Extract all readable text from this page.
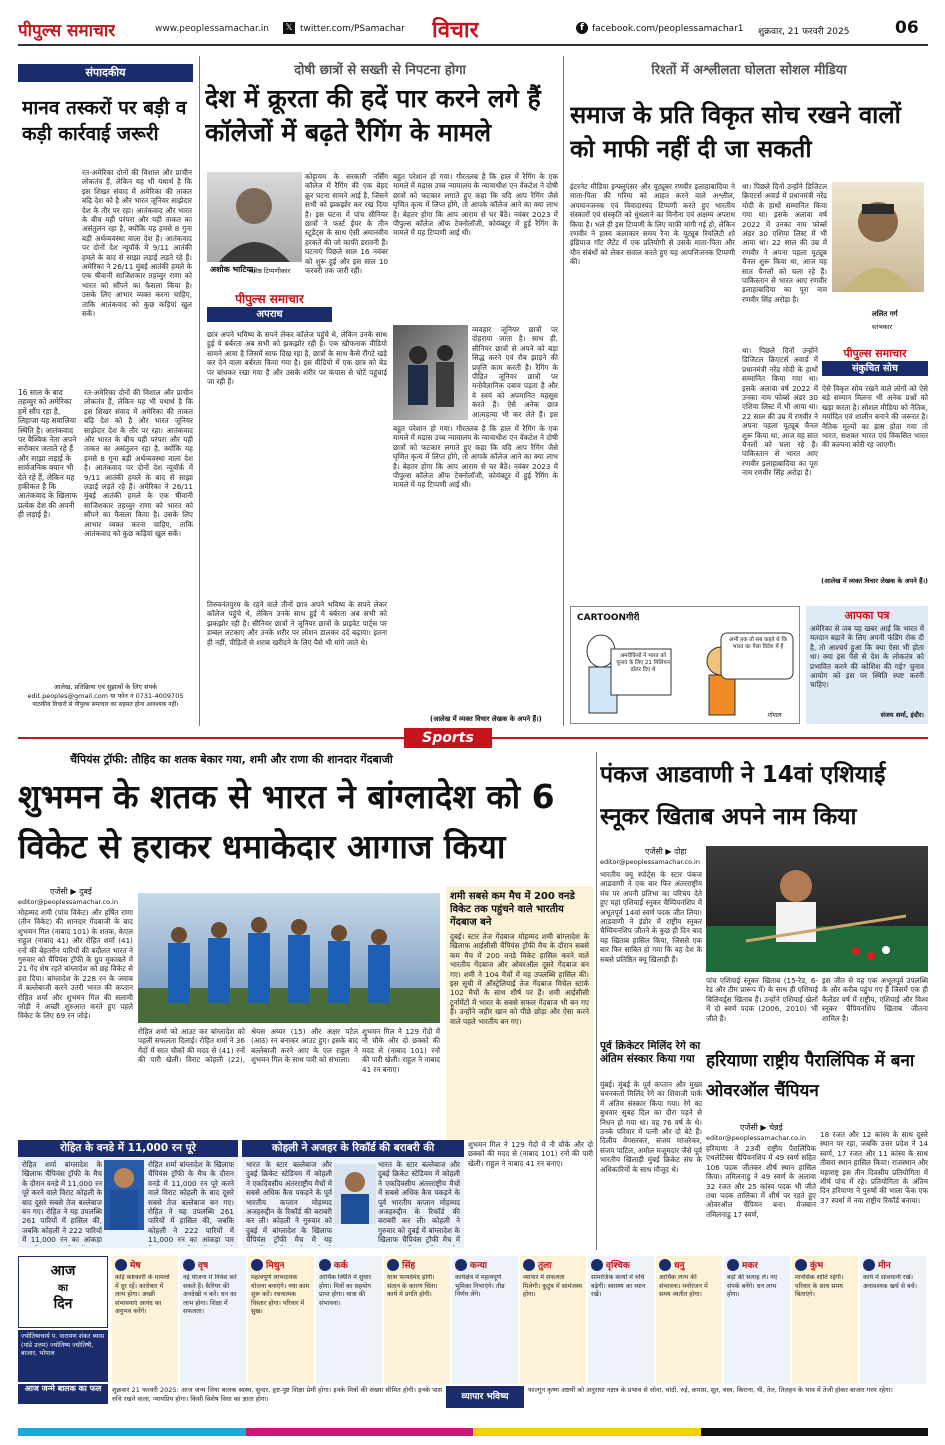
पीपुल्स समाचार	www.peoplessamachar.in 𝕏 twitter.com/PSamachar विचार	f facebook.com/peoplessamachar1 शुक्रवार, 21 फरवरी 2025	06
संपादकीय
मानव तस्करों पर बड़ी व कड़ी कार्रवाई जरूरी
रत-अमेरिका दोनों की विशाल और प्राचीन लोकतंत्र हैं, लेकिन यह भी यथार्थ है कि इस शिखर संवाद में अमेरिका की ताकत बढ़ि देश को है और भारत जूनियर साझेदार देश के तौर पर रहा। आतंकवाद और भारत के बीच यही परंपरा और यही ताकत का असंतुलन रहा है, क्योंकि यह हमसे 8 गुना बड़ी अर्थव्यवस्था वाला देश है। आतंकवाद पर दोनों देश न्यूयॉर्क में 9/11 आतंकी हमले के बाद से साझा लड़ाई लड़ते रहे हैं। अमेरिका ने 26/11 मुंबई आतंकी हमले के एक षीवानी साजिशकार तहव्वुर राणा को भारत को सौंपने का फैसला किया है। उसके लिए आभार व्यक्त करना चाहिए, ताकि आतंकवाद को कुछ कड़ियां खुल सकें।
16 साल के बाद तहव्वुर को अमेरिका हमें सौंप रहा है, लिहाजा यह सवालिया स्थिति है। आतंकवाद पर वैश्विक नेता अपने सरोकार जताते रहे हैं और साझा लड़ाई के सार्वजनिक बयान भी देते रहे हैं, लेकिन यह हकीकत है कि आतंकवाद के खिलाफ प्रत्येक देश की अपनी ही लड़ाई है।
रत-अमेरिका दोनों की विशाल और प्राचीन लोकतंत्र हैं, लेकिन यह भी यथार्थ है कि इस शिखर संवाद में अमेरिका की ताकत बढ़ि देश को है और भारत जूनियर साझेदार देश के तौर पर रहा। आतंकवाद और भारत के बीच यही परंपरा और यही ताकत का असंतुलन रहा है, क्योंकि यह हमसे 8 गुना बड़ी अर्थव्यवस्था वाला देश है। आतंकवाद पर दोनों देश न्यूयॉर्क में 9/11 आतंकी हमले के बाद से साझा लड़ाई लड़ते रहे हैं। अमेरिका ने 26/11 मुंबई आतंकी हमले के एक षीवानी साजिशकार तहव्वुर राणा को भारत को सौंपने का फैसला किया है। उसके लिए आभार व्यक्त करना चाहिए, ताकि आतंकवाद को कुछ कड़ियां खुल सकें।
आलेख, प्रतिक्रिया एवं सुझावों के लिए संपर्क
edit.peoples@gmail.com या फोन नं 0731-4009705
पाठकीय विचारों से पीपुल्स समाचार का सहमत होना आवश्यक नहीं।
दोषी छात्रों से सख्ती से निपटना होगा
देश में क्रूरता की हदें पार करने लगे हैं कॉलेजों में बढ़ते रैगिंग के मामले
अशोक भाटिया,
वरिष्ठ टिप्पणीकार
कोट्टायम के सरकारी नर्सिंग कॉलेज में रैगिंग की एक बेहद क्रूर घटना सामने आई है, जिसने सभी को झकझोर कर रख दिया है। इस घटना में पांच सीनियर छात्रों ने फर्स्ट ईयर के तीन स्टूडेंट्स के साथ ऐसी अमानवीय हरकतें की जो काफी डरावनी हैं। घटनाएं पिछले साल 16 नवंबर को शुरू हुई और इस साल 10 फरवरी तक जारी रही।
पीपुल्स समाचार
अपराध
छात्र अपने भविष्य के सपने लेकर कॉलेज पहुंचे थे, लेकिन उनके साथ हुई ये बर्बरता अब सभी को झकझोर रही है। एक खौफनाक वीडियो सामने आया है जिसमें साफ दिख रहा है, छात्रों के साथ कैसे रौंगटे खड़े कर देने वाला बर्बरता किया गया है। इस वीडियो में एक छात्र को बेड पर बांधकर रखा गया है और उसके शरीर पर कंपास से चोटें पहुंचाई जा रही हैं।
तिरुवनंतपुरम के रहने वाले तीनों छात्र अपने भविष्य के सपने लेकर कॉलेज पहुंचे थे, लेकिन उनके साथ हुई ये बर्बरता अब सभी को झकझोर रही है। सीनियर छात्रों ने जूनियर छात्रों के प्राइवेट पार्ट्स पर डम्बल लटकाए और उनके शरीर पर लोशन डालकर दर्द बढ़ाया। इतना ही नहीं, पीड़ितों से शराब खरीदने के लिए पैसे भी मांगे जाते थे।
बहुत परेशान हो गया। गौरतलब है कि हाल में रैगिंग के एक मामले में मद्रास उच्च न्यायालय के न्यायाधीश एन वेंकटेश ने दोषी छात्रों को फटकार लगाते हुए कहा कि यदि आप रैगिंग जैसे घृणित कृत्य में लिप्त होंगे, तो आपके कॉलेज आने का क्या लाभ है। बेहतर होगा कि आप आराम से घर बैठें। नवंबर 2023 में पीपुल्स कॉलेज ऑफ टेक्नोलॉजी, कोयंबटूर में हुई रैगिंग के मामले में यह टिप्पणी आई थी।
व्यवहार जूनियर छात्रों पर दोहराया जाता है। साथ ही, सीनियर छात्रों से अपने को बड़ा सिद्ध करने एवं रौब झाड़ने की प्रवृत्ति काम करती है। रैगिंग के पीड़ित जूनियर छात्रों पर मनोवैज्ञानिक दबाव पड़ता है और वे स्वयं को अपमानित महसूस करते हैं। ऐसे अनेक छात्र आत्महत्या भी कर लेते हैं। इस
बहुत परेशान हो गया। गौरतलब है कि हाल में रैगिंग के एक मामले में मद्रास उच्च न्यायालय के न्यायाधीश एन वेंकटेश ने दोषी छात्रों को फटकार लगाते हुए कहा कि यदि आप रैगिंग जैसे घृणित कृत्य में लिप्त होंगे, तो आपके कॉलेज आने का क्या लाभ है। बेहतर होगा कि आप आराम से घर बैठें। नवंबर 2023 में पीपुल्स कॉलेज ऑफ टेक्नोलॉजी, कोयंबटूर में हुई रैगिंग के मामले में यह टिप्पणी आई थी।
(आलेख में व्यक्त विचार लेखक के अपने हैं।)
रिश्तों में अश्लीलता घोलता सोशल मीडिया
समाज के प्रति विकृत सोच रखने वालों को माफी नहीं दी जा सकती
इंटरनेट मीडिया इन्फ्लुएंसर और यूट्यूबर रणवीर इलाहाबादिया ने माता-पिता की गरिमा को आहत करने वाले अश्लील, अपमानजनक एवं विवादास्पद टिप्पणी करते हुए भारतीय संस्कारों एवं संस्कृति को धुंधलाने का विनौना एवं अक्षम्य अपराध किया है। भले ही इस टिप्पणी के लिए माफी मांगी गई हो, लेकिन रणवीर ने हास्य कलाकार समय रैना के यूट्यूब रियलिटी शो इंडियाज गॉट लैटेंट में एक प्रतियोगी से उसके माता-पिता और यौन संबंधों को लेकर सवाल करते हुए यह आपत्तिजनक टिप्पणी की।
था। पिछले दिनों उन्होंने डिजिटल क्रिएटर्स अवार्ड में प्रधानमंत्री नरेंद्र मोदी के हाथों सम्मानित किया गया था। इसके अलावा वर्ष 2022 में उनका नाम फोर्ब्स अंडर 30 एशिया लिस्ट में भी आया था। 22 साल की उम्र में रणवीर ने अपना पहला यूट्यूब चैनल शुरू किया था, आज यह सात चैनलों को चला रहे हैं। पाकिस्तान से भारत आए रणवीर इलाहाबादिया का पूरा नाम रणवीर सिंह अरोड़ा है।
ललित गर्ग
स्तंभकार
पीपुल्स समाचार
संकुचित सोच
था। पिछले दिनों उन्होंने डिजिटल क्रिएटर्स अवार्ड में प्रधानमंत्री नरेंद्र मोदी के हाथों सम्मानित किया गया था। इसके अलावा वर्ष 2022 में उनका नाम फोर्ब्स अंडर 30 एशिया लिस्ट में भी आया था। 22 साल की उम्र में रणवीर ने अपना पहला यूट्यूब चैनल शुरू किया था, आज यह सात चैनलों को चला रहे हैं। पाकिस्तान से भारत आए रणवीर इलाहाबादिया का पूरा नाम रणवीर सिंह अरोड़ा है।
ऐसे विकृत सोच रखने वाले लोगों को ऐसे बड़े सम्मान मिलना भी अनेक प्रश्नों को खड़ा करता है। सोशल मीडिया को नैतिक, मर्यादित एवं शालीन बनाने की जरूरत है। नैतिक मूल्यों का ह्रास होता गया तो भारत, सशक्त भारत एवं विकसित भारत की कल्पना कोरी रह जाएगी।
(आलेख में व्यक्त विचार लेखक के अपने हैं।)
CARTOONगीरी
अमरीकियों ने भारत को चुनाव के लिए 21 मिलियन डॉलर दिए थे
अभी तक तो सब कहते थे कि भारत का पैसा विदेश में है
गोपाल
आपका पत्र
अमेरिका से जब यह खबर आई कि भारत में मतदान बढ़ाने के लिए अपनी फंडिंग रोक दी है, तो आश्चर्य हुआ कि क्या ऐसा भी होता था। क्या इस पैसे से देश के लोकतंत्र को प्रभावित करने की कोशिश की गई? चुनाव आयोग को इस पर स्थिति स्पष्ट करनी चाहिए।
संजय शर्मा, इंदौर।
Sports
चैंपियंस ट्रॉफी: तौहिद का शतक बेकार गया, शमी और राणा की शानदार गेंदबाजी
शुभमन के शतक से भारत ने बांग्लादेश को 6 विकेट से हराकर धमाकेदार आगाज किया
एजेंसी ▶ दुबई
editor@peoplessamachar.co.in
मोहम्मद शमी (पांच विकेट) और हर्षित राणा (तीन विकेट) की शानदार गेंदबाजी के बाद शुभमन गिल (नाबाद 101) के शतक, केएल राहुल (नाबाद 41) और रोहित शर्मा (41) रनों की बेहतरीन पारियों की बदौलत भारत ने गुरुवार को चैंपियंस ट्रॉफी के ग्रुप मुकाबले में 21 गेंद शेष रहते बांग्लादेश को छह विकेट से हरा दिया। बांग्लादेश के 228 रन के जवाब में बल्लेबाजी करने उतरी भारत की कप्तान रोहित शर्मा और शुभमन गिल की सलामी जोड़ी ने अच्छी शुरुआत करते हुए पहले विकेट के लिए 69 रन जोड़े।
रोहित शर्मा को आउट कर बांग्लादेश को पहली सफलता दिलाई। रोहित शर्मा ने 36 गेंदों में सात चौकों की मदद से (41) रनों की पारी खेली। विराट कोहली (22), श्रेयस अय्यर (15) और अक्षर पटेल (आठ) रन बनाकर आउट हुए। इसके बाद बल्लेबाजी करने आए के एल राहुल ने शुभमन गिल के साथ पारी को संभाला।
शुभमन गिल ने 129 गेंदों में नौ चौके और दो छक्कों की मदद से (नाबाद 101) रनों की पारी खेली। राहुल ने नाबाद 41 रन बनाए।
शमी सबसे कम मैच में 200 वनडे विकेट तक पहुंचने वाले भारतीय गेंदबाज बने
दुबई। स्टार तेज गेंदबाज मोहम्मद शमी बांग्लादेश के खिलाफ आईसीसी चैंपियंस ट्रॉफी मैच के दौरान सबसे कम मैच में 200 वनडे विकेट हासिल करने वाले भारतीय गेंदबाज और ओवरऑल दूसरे गेंदबाज बन गए। शमी ने 104 मैचों में यह उपलब्धि हासिल की। इस सूची में ऑस्ट्रेलियाई तेज गेंदबाज मिचेल स्टार्क 102 मैचों के साथ शीर्ष पर हैं। शमी आईसीसी टूर्नामेंटों में भारत के सबसे सफल गेंदबाज भी बन गए हैं। उन्होंने जहीर खान को पीछे छोड़ा और ऐसा करने वाले पहले भारतीय बन गए।
रोहित के वनडे में 11,000 रन पूरे
रोहित शर्मा बांग्लादेश के खिलाफ चैंपियंस ट्रॉफी के मैच के दौरान वनडे में 11,000 रन पूरे करने वाले विराट कोहली के बाद दूसरे सबसे तेज बल्लेबाज बन गए। रोहित ने यह उपलब्धि 261 पारियों में हासिल की, जबकि कोहली ने 222 पारियों में 11,000 रन का आंकड़ा
रोहित शर्मा बांग्लादेश के खिलाफ चैंपियंस ट्रॉफी के मैच के दौरान वनडे में 11,000 रन पूरे करने वाले विराट कोहली के बाद दूसरे सबसे तेज बल्लेबाज बन गए। रोहित ने यह उपलब्धि 261 पारियों में हासिल की, जबकि कोहली ने 222 पारियों में 11,000 रन का आंकड़ा पार
कोहली ने अजहर के रिकॉर्ड की बराबरी की
भारत के स्टार बल्लेबाज और दुबई क्रिकेट स्टेडियम में कोहली ने एकदिवसीय अंतरराष्ट्रीय मैचों में सबसे अधिक कैच पकड़ने के पूर्व भारतीय कप्तान मोहम्मद अजहरुद्दीन के रिकॉर्ड की बराबरी कर ली। कोहली ने गुरुवार को दुबई में बांग्लादेश के खिलाफ चैंपियंस ट्रॉफी मैच में यह
भारत के स्टार बल्लेबाज और दुबई क्रिकेट स्टेडियम में कोहली ने एकदिवसीय अंतरराष्ट्रीय मैचों में सबसे अधिक कैच पकड़ने के पूर्व भारतीय कप्तान मोहम्मद अजहरुद्दीन के रिकॉर्ड की बराबरी कर ली। कोहली ने गुरुवार को दुबई में बांग्लादेश के खिलाफ चैंपियंस ट्रॉफी मैच में
शुभमन गिल ने 129 गेंदों में नौ चौके और दो छक्कों की मदद से (नाबाद 101) रनों की पारी खेली। राहुल ने नाबाद 41 रन बनाए।
पंकज आडवाणी ने 14वां एशियाई स्नूकर खिताब अपने नाम किया
एजेंसी ▶ दोहा
editor@peoplessamachar.co.in
भारतीय क्यू स्पोर्ट्स के स्टार पंकज आडवाणी ने एक बार फिर अंतरराष्ट्रीय मंच पर अपनी प्रतिभा का परिचय देते हुए यहां एशियाई स्नूकर चैम्पियनशिप में अभूतपूर्व 14वां स्वर्ण पदक जीत लिया। आडवाणी ने इंडोर में राष्ट्रीय स्नूकर चैम्पियनशिप जीतने के कुछ ही दिन बाद यह खिताब हासिल किया, जिससे एक बार फिर साबित हो गया कि वह देश के सबसे प्रतिष्ठित क्यू खिलाड़ी हैं।
पांच एशियाई स्नूकर खिताब (15-रेड, 6-रेड और टीम प्रारूप में) के साथ ही एशियाई बिलियर्ड्स खिताब हैं। उन्होंने एशियाई खेलों में दो स्वर्ण पदक (2006, 2010) भी जीते हैं।
इस जीत से यह एक अभूतपूर्व उपलब्धि के और करीब पहुंच गए हैं जिसमें एक ही कैलेंडर वर्ष में राष्ट्रीय, एशियाई और विश्व स्नूकर चैंपियनशिप खिताब जीतना शामिल है।
पूर्व क्रिकेटर मिलिंद रेगे का अंतिम संस्कार किया गया
मुंबई। मुंबई के पूर्व कप्तान और मुख्य चयनकर्ता मिलिंद रेगे का शिवाजी पार्क में अंतिम संस्कार किया गया। रेगे का बुधवार सुबह दिल का दौरा पड़ने से निधन हो गया था। वह 76 वर्ष के थे। उनके परिवार में पत्नी और दो बेटे हैं। दिलीप वेंगसरकर, संजय मांजरेकर, संजय पाटिल, अमोल मजूमदार जैसे पूर्व भारतीय खिलाड़ी मुंबई क्रिकेट संघ के अधिकारियों के साथ मौजूद थे।
हरियाणा राष्ट्रीय पैरालिंपिक में बना ओवरऑल चैंपियन
एजेंसी ▶ चेन्नई
editor@peoplessamachar.co.in
हरियाणा ने 23वीं राष्ट्रीय पैरालिंपिक एथलेटिक्स चैंपियनशिप में 49 स्वर्ण सहित 106 पदक जीतकर शीर्ष स्थान हासिल किया। तमिलनाडु ने 49 स्वर्ण के अलावा 32 रजत और 25 कांस्य पदक भी जीते तथा पदक तालिका में शीर्ष पर रहते हुए ओवरऑल चैंपियन बना। मेजबान तमिलनाडु 17 स्वर्ण,
18 रजत और 12 कांस्य के साथ दूसरे स्थान पर रहा, जबकि उत्तर प्रदेश ने 14 स्वर्ण, 17 रजत और 11 कांस्य के साथ तीसरा स्थान हासिल किया। राजस्थान और महाराष्ट्र इस तीन दिवसीय प्रतियोगिता में शीर्ष पांच में रहे। प्रतियोगिता के अंतिम दिन हरियाणा ने पुरुषों की भाला फेंक एफ 37 स्पर्धा में नया राष्ट्रीय रिकॉर्ड बनाया।
आज
का
दिन
ज्योतिषाचार्य प. नारायण शंकर ब्यास (पांडे उत्तम) ज्योतिष्य ज्योतिषी, बाजार, भोपाल
आज जन्मे बालक का फल
मेष
कोई कष्टकारी के मामलों में दूर रहें। कारोबार में लाभ होगा। अच्छी संभावनाएं आनंद का अनुभव करेंगे।
वृष
नई योजना में निवेश करें सकते हैं। कैरियर की अनदेखी न करें। धन का लाभ होगा। शिक्षा में सफलता।
मिथुन
महत्वपूर्ण लाभदायक योजना बनाएंगे। नया काम शुरू करें। रचनात्मक विस्तार होगा। परिवार में सुख।
कर्क
आर्थिक स्थिति में सुधार होगा। मित्रों का सहयोग प्राप्त होगा। यात्रा की संभावना।
सिंह
यात्रा फायदेमंद होगी। संतान के कारण चिंता। कार्य में प्रगति होगी।
कन्या
कार्यक्षेत्र में महत्वपूर्ण भूमिका निभाएंगे। तीव्र निर्णय लेंगे।
तुला
व्यापार में सफलता मिलेगी। कुटुंब में सामंजस्य होगा।
वृश्चिक
सामाजिक कार्यों में रुचि बढ़ेगी। स्वास्थ्य का ध्यान रखें।
धनु
आर्थिक लाभ की संभावना। मनोरंजन में समय व्यतीत होगा।
मकर
बड़ों की सलाह लें। नए संपर्क बनेंगे। धन लाभ होगा।
कुंभ
मानसिक शांति रहेगी। परिवार के साथ समय बिताएंगे।
मीन
कार्य में सावधानी रखें। अनावश्यक खर्च से बचें।
शुक्रवार 21 फरवरी 2025: आज जन्म लिया बालक स्वस्थ, सुन्दर, हृष्ट-पुष्ट शिक्षा प्रेमी होगा। इनके मित्रों की संख्या सीमित होगी। इनके पास रुचि रखने वाला, न्यायप्रिय होगा। किसी विशेष विधा का ज्ञाता होगा।	व्यापार भविष्य
फाल्गुन कृष्ण अष्टमी को अनुराधा नक्षत्र के प्रभाव से सोना, चांदी, रुई, कपास, सूत, वस्त्र, किराना, घी, तेल, तिलहन के भाव में तेजी होकर बाजार गरम रहेगा।
